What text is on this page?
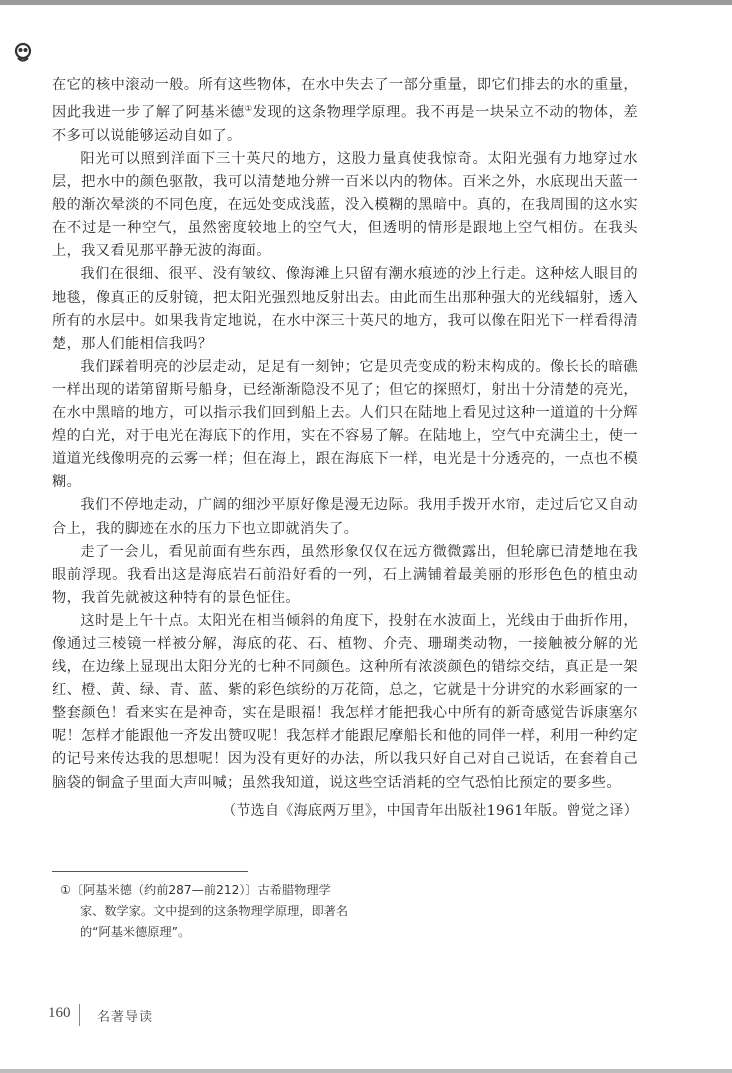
在它的核中滚动一般。所有这些物体，在水中失去了一部分重量，即它们排去的水的重量，因此我进一步了解了阿基米德①发现的这条物理学原理。我不再是一块呆立不动的物体，差不多可以说能够运动自如了。

阳光可以照到洋面下三十英尺的地方，这股力量真使我惊奇。太阳光强有力地穿过水层，把水中的颜色驱散，我可以清楚地分辨一百米以内的物体。百米之外，水底现出天蓝一般的渐次晕淡的不同色度，在远处变成浅蓝，没入模糊的黑暗中。真的，在我周围的这水实在不过是一种空气，虽然密度较地上的空气大，但透明的情形是跟地上空气相仿。在我头上，我又看见那平静无波的海面。

我们在很细、很平、没有皱纹、像海滩上只留有潮水痕迹的沙上行走。这种炫人眼目的地毯，像真正的反射镜，把太阳光强烈地反射出去。由此而生出那种强大的光线辐射，透入所有的水层中。如果我肯定地说，在水中深三十英尺的地方，我可以像在阳光下一样看得清楚，那人们能相信我吗？

我们踩着明亮的沙层走动，足足有一刻钟；它是贝壳变成的粉末构成的。像长长的暗礁一样出现的诺第留斯号船身，已经渐渐隐没不见了；但它的探照灯，射出十分清楚的亮光，在水中黑暗的地方，可以指示我们回到船上去。人们只在陆地上看见过这种一道道的十分辉煌的白光，对于电光在海底下的作用，实在不容易了解。在陆地上，空气中充满尘土，使一道道光线像明亮的云雾一样；但在海上，跟在海底下一样，电光是十分透亮的，一点也不模糊。

我们不停地走动，广阔的细沙平原好像是漫无边际。我用手拨开水帘，走过后它又自动合上，我的脚迹在水的压力下也立即就消失了。

走了一会儿，看见前面有些东西，虽然形象仅仅在远方微微露出，但轮廓已清楚地在我眼前浮现。我看出这是海底岩石前沿好看的一列，石上满铺着最美丽的形形色色的植虫动物，我首先就被这种特有的景色怔住。

这时是上午十点。太阳光在相当倾斜的角度下，投射在水波面上，光线由于曲折作用，像通过三棱镜一样被分解，海底的花、石、植物、介壳、珊瑚类动物，一接触被分解的光线，在边缘上显现出太阳分光的七种不同颜色。这种所有浓淡颜色的错综交结，真正是一架红、橙、黄、绿、青、蓝、紫的彩色缤纷的万花筒，总之，它就是十分讲究的水彩画家的一整套颜色！看来实在是神奇，实在是眼福！我怎样才能把我心中所有的新奇感觉告诉康塞尔呢！怎样才能跟他一齐发出赞叹呢！我怎样才能跟尼摩船长和他的同伴一样，利用一种约定的记号来传达我的思想呢！因为没有更好的办法，所以我只好自己对自己说话，在套着自己脑袋的铜盒子里面大声叫喊；虽然我知道，说这些空话消耗的空气恐怕比预定的要多些。

（节选自《海底两万里》，中国青年出版社1961年版。曾觉之译）
①〔阿基米德（约前287—前212）〕古希腊物理学家、数学家。文中提到的这条物理学原理，即著名的“阿基米德原理”。
160 名著导读
